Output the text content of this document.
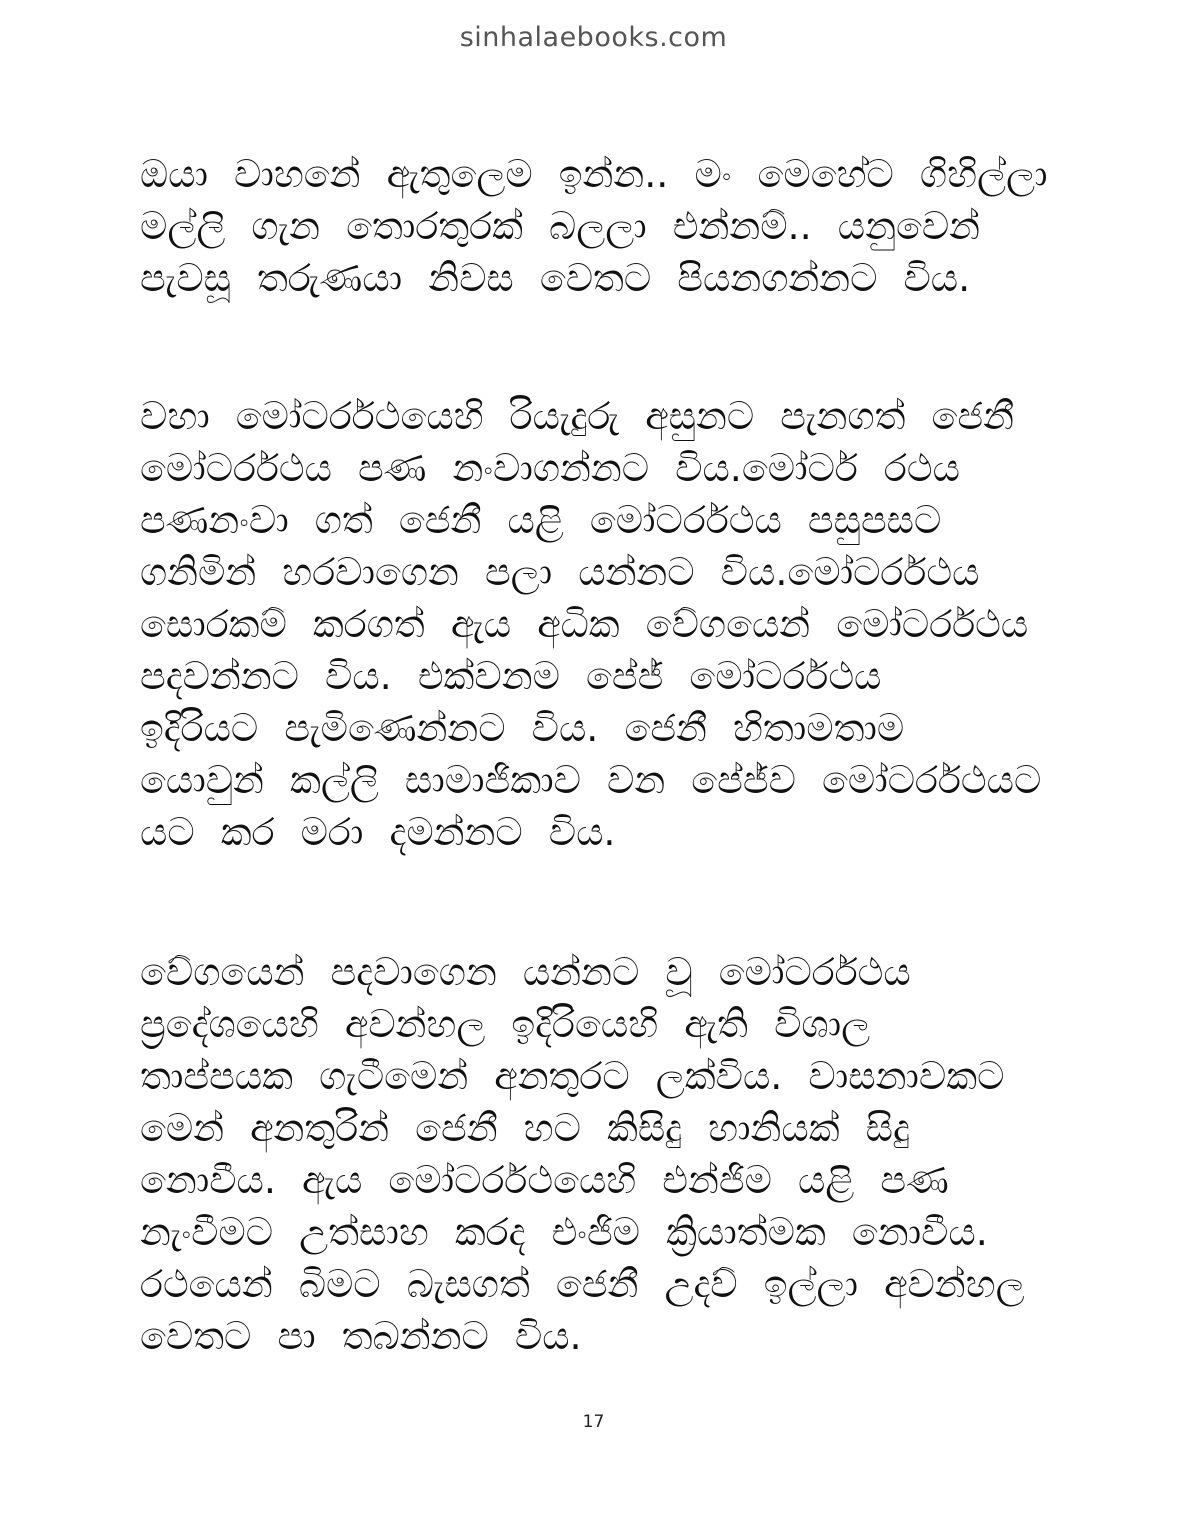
sinhalaebooks.com
ඔයා වාහනේ ඇතුලෙම ඉන්න.. මං මෙහේට ගිහිල්ලා
මල්ලි ගැන තොරතුරක් බලලා එන්නම්.. යනුවෙන්
පැවසූ තරුණයා නිවස වෙතට පියනගන්නට විය.
වහා මෝටර්රථයෙහි රියැදුරු අසුනට පැනගත් ජෙනී
මෝටර්රථය පණ නංවාගන්නට විය.මෝටර් රථය
පණනංවා ගත් ජෙනී යළි මෝටර්රථය පසුපසට
ගනිමින් හරවාගෙන පලා යන්නට විය.මෝටර්රථය
සොරකම් කරගත් ඇය අධික වේගයෙන් මෝටර්රථය
පදවන්නට විය. එක්වනම පේජ් මෝටර්රථය
ඉදිරියට පැමිණෙන්නට විය. ජෙනී හිතාමතාම
යොවුන් කල්ලි සාමාජිකාව වන පේජ්ව මෝටර්රථයට
යට කර මරා දමන්නට විය.
වේගයෙන් පදවාගෙන යන්නට වූ මෝටර්රථය
ප්‍රදේශයෙහි අවන්හල ඉදිරියෙහි ඇති විශාල
තාප්පයක ගැටීමෙන් අනතුරට ලක්විය. වාසනාවකට
මෙන් අනතුරින් ජෙනී හට කිසිදු හානියක් සිදු
නොවීය. ඇය මෝටර්රථයෙහි එන්ජිම යළි පණ
නැංවීමට උත්සාහ කරද එංජිම ක්‍රියාත්මක නොවීය.
රථයෙන් බිමට බැසගත් ජෙනී උදව් ඉල්ලා අවන්හල
වෙතට පා තබන්නට විය.
17
